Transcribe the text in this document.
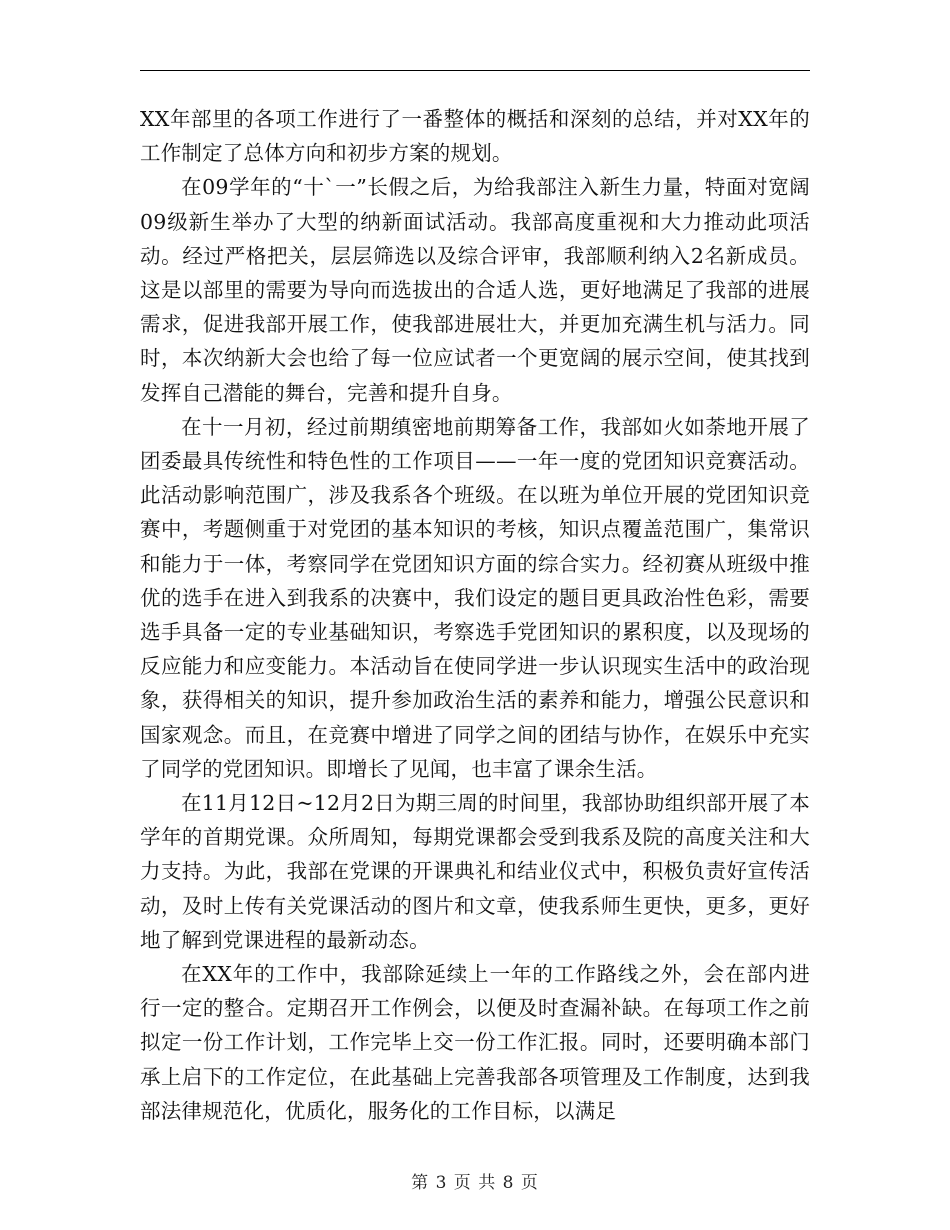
XX年部里的各项工作进行了一番整体的概括和深刻的总结，并对XX年的工作制定了总体方向和初步方案的规划。

在09学年的“十`一”长假之后，为给我部注入新生力量，特面对宽阔09级新生举办了大型的纳新面试活动。我部高度重视和大力推动此项活动。经过严格把关，层层筛选以及综合评审，我部顺利纳入2名新成员。这是以部里的需要为导向而选拔出的合适人选，更好地满足了我部的进展需求，促进我部开展工作，使我部进展壮大，并更加充满生机与活力。同时，本次纳新大会也给了每一位应试者一个更宽阔的展示空间，使其找到发挥自己潜能的舞台，完善和提升自身。

在十一月初，经过前期缜密地前期筹备工作，我部如火如荼地开展了团委最具传统性和特色性的工作项目——一年一度的党团知识竞赛活动。此活动影响范围广，涉及我系各个班级。在以班为单位开展的党团知识竞赛中，考题侧重于对党团的基本知识的考核，知识点覆盖范围广，集常识和能力于一体，考察同学在党团知识方面的综合实力。经初赛从班级中推优的选手在进入到我系的决赛中，我们设定的题目更具政治性色彩，需要选手具备一定的专业基础知识，考察选手党团知识的累积度，以及现场的反应能力和应变能力。本活动旨在使同学进一步认识现实生活中的政治现象，获得相关的知识，提升参加政治生活的素养和能力，增强公民意识和国家观念。而且，在竞赛中增进了同学之间的团结与协作，在娱乐中充实了同学的党团知识。即增长了见闻，也丰富了课余生活。

在11月12日~12月2日为期三周的时间里，我部协助组织部开展了本学年的首期党课。众所周知，每期党课都会受到我系及院的高度关注和大力支持。为此，我部在党课的开课典礼和结业仪式中，积极负责好宣传活动，及时上传有关党课活动的图片和文章，使我系师生更快，更多，更好地了解到党课进程的最新动态。

在XX年的工作中，我部除延续上一年的工作路线之外，会在部内进行一定的整合。定期召开工作例会，以便及时查漏补缺。在每项工作之前拟定一份工作计划，工作完毕上交一份工作汇报。同时，还要明确本部门承上启下的工作定位，在此基础上完善我部各项管理及工作制度，达到我部法律规范化，优质化，服务化的工作目标，以满足

第 3 页 共 8 页
